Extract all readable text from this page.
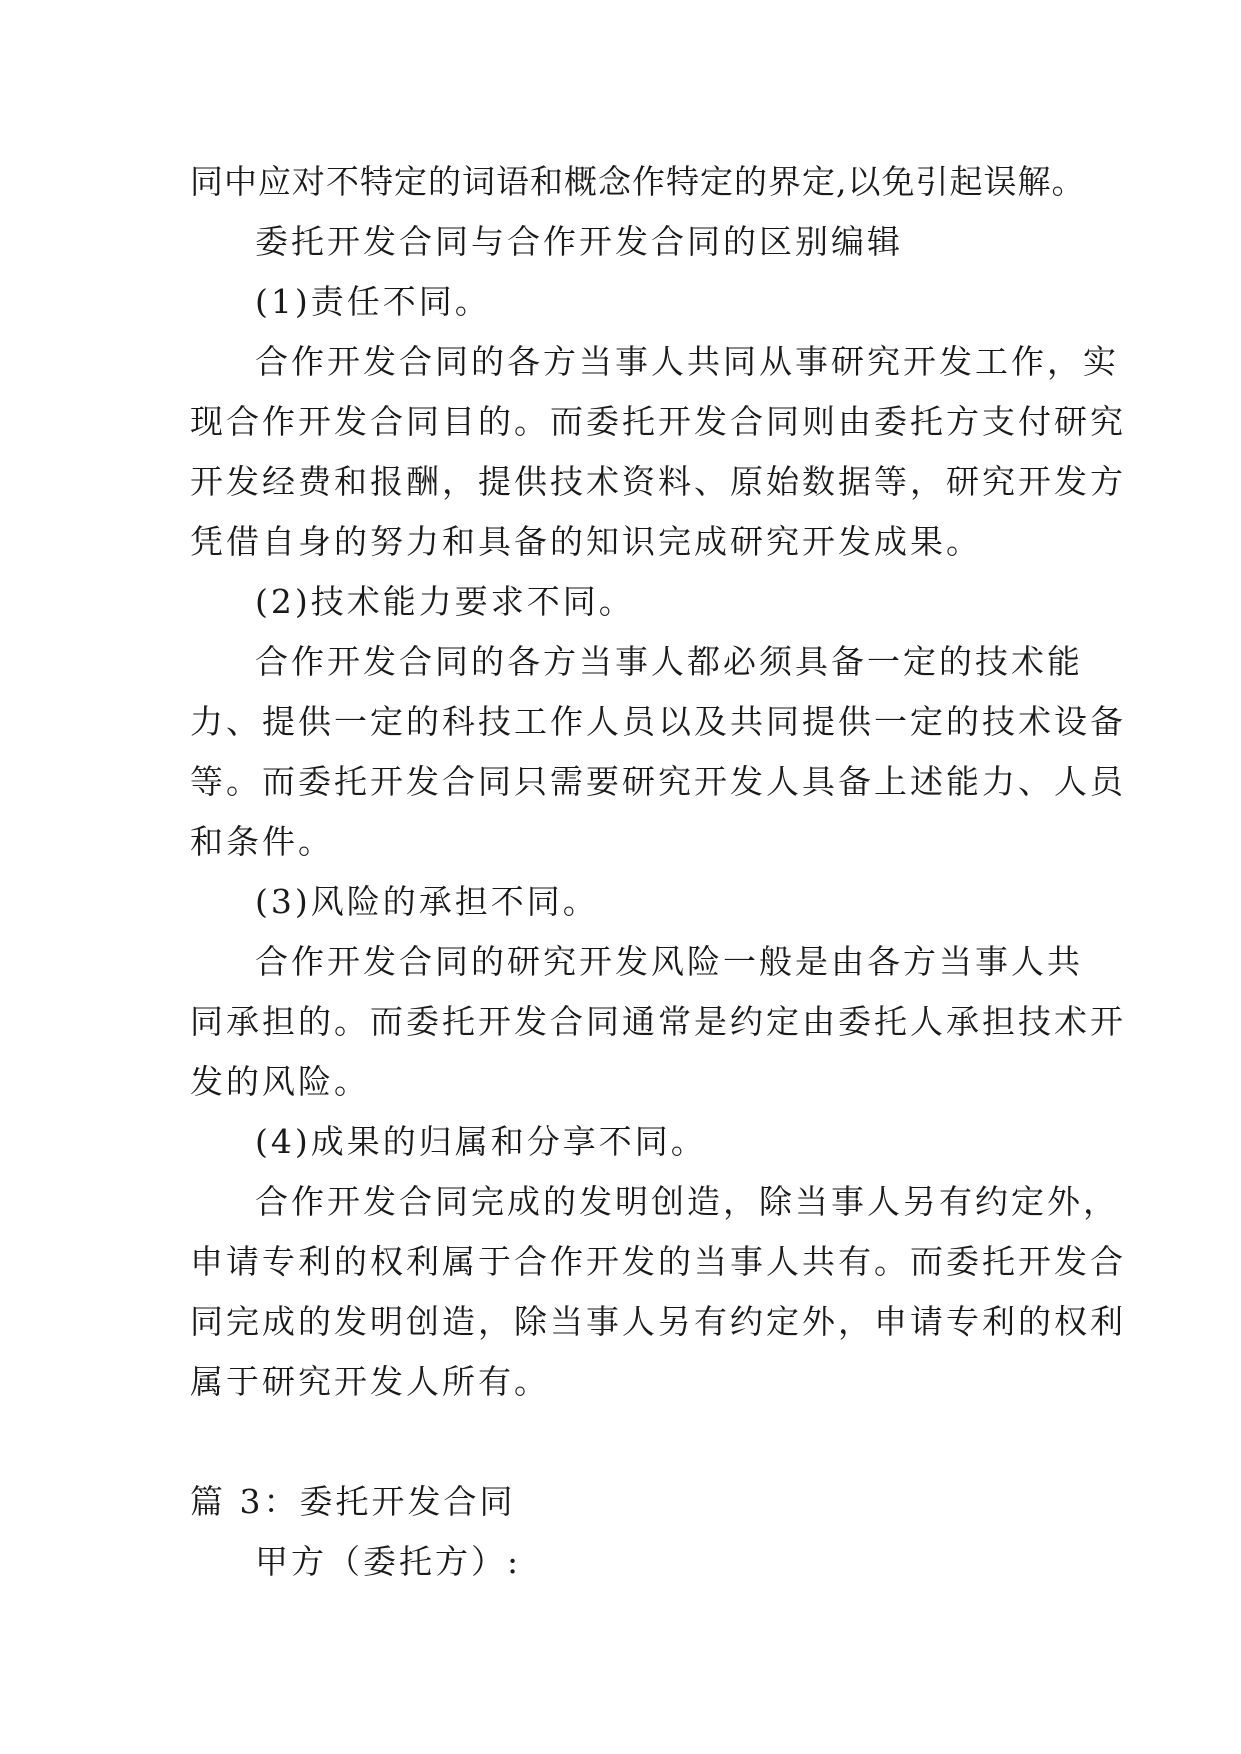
同中应对不特定的词语和概念作特定的界定,以免引起误解。
委托开发合同与合作开发合同的区别编辑
(1)责任不同。
合作开发合同的各方当事人共同从事研究开发工作，实
现合作开发合同目的。而委托开发合同则由委托方支付研究
开发经费和报酬，提供技术资料、原始数据等，研究开发方
凭借自身的努力和具备的知识完成研究开发成果。
(2)技术能力要求不同。
合作开发合同的各方当事人都必须具备一定的技术能
力、提供一定的科技工作人员以及共同提供一定的技术设备
等。而委托开发合同只需要研究开发人具备上述能力、人员
和条件。
(3)风险的承担不同。
合作开发合同的研究开发风险一般是由各方当事人共
同承担的。而委托开发合同通常是约定由委托人承担技术开
发的风险。
(4)成果的归属和分享不同。
合作开发合同完成的发明创造，除当事人另有约定外，
申请专利的权利属于合作开发的当事人共有。而委托开发合
同完成的发明创造，除当事人另有约定外，申请专利的权利
属于研究开发人所有。
篇 3：委托开发合同
甲方（委托方）:
